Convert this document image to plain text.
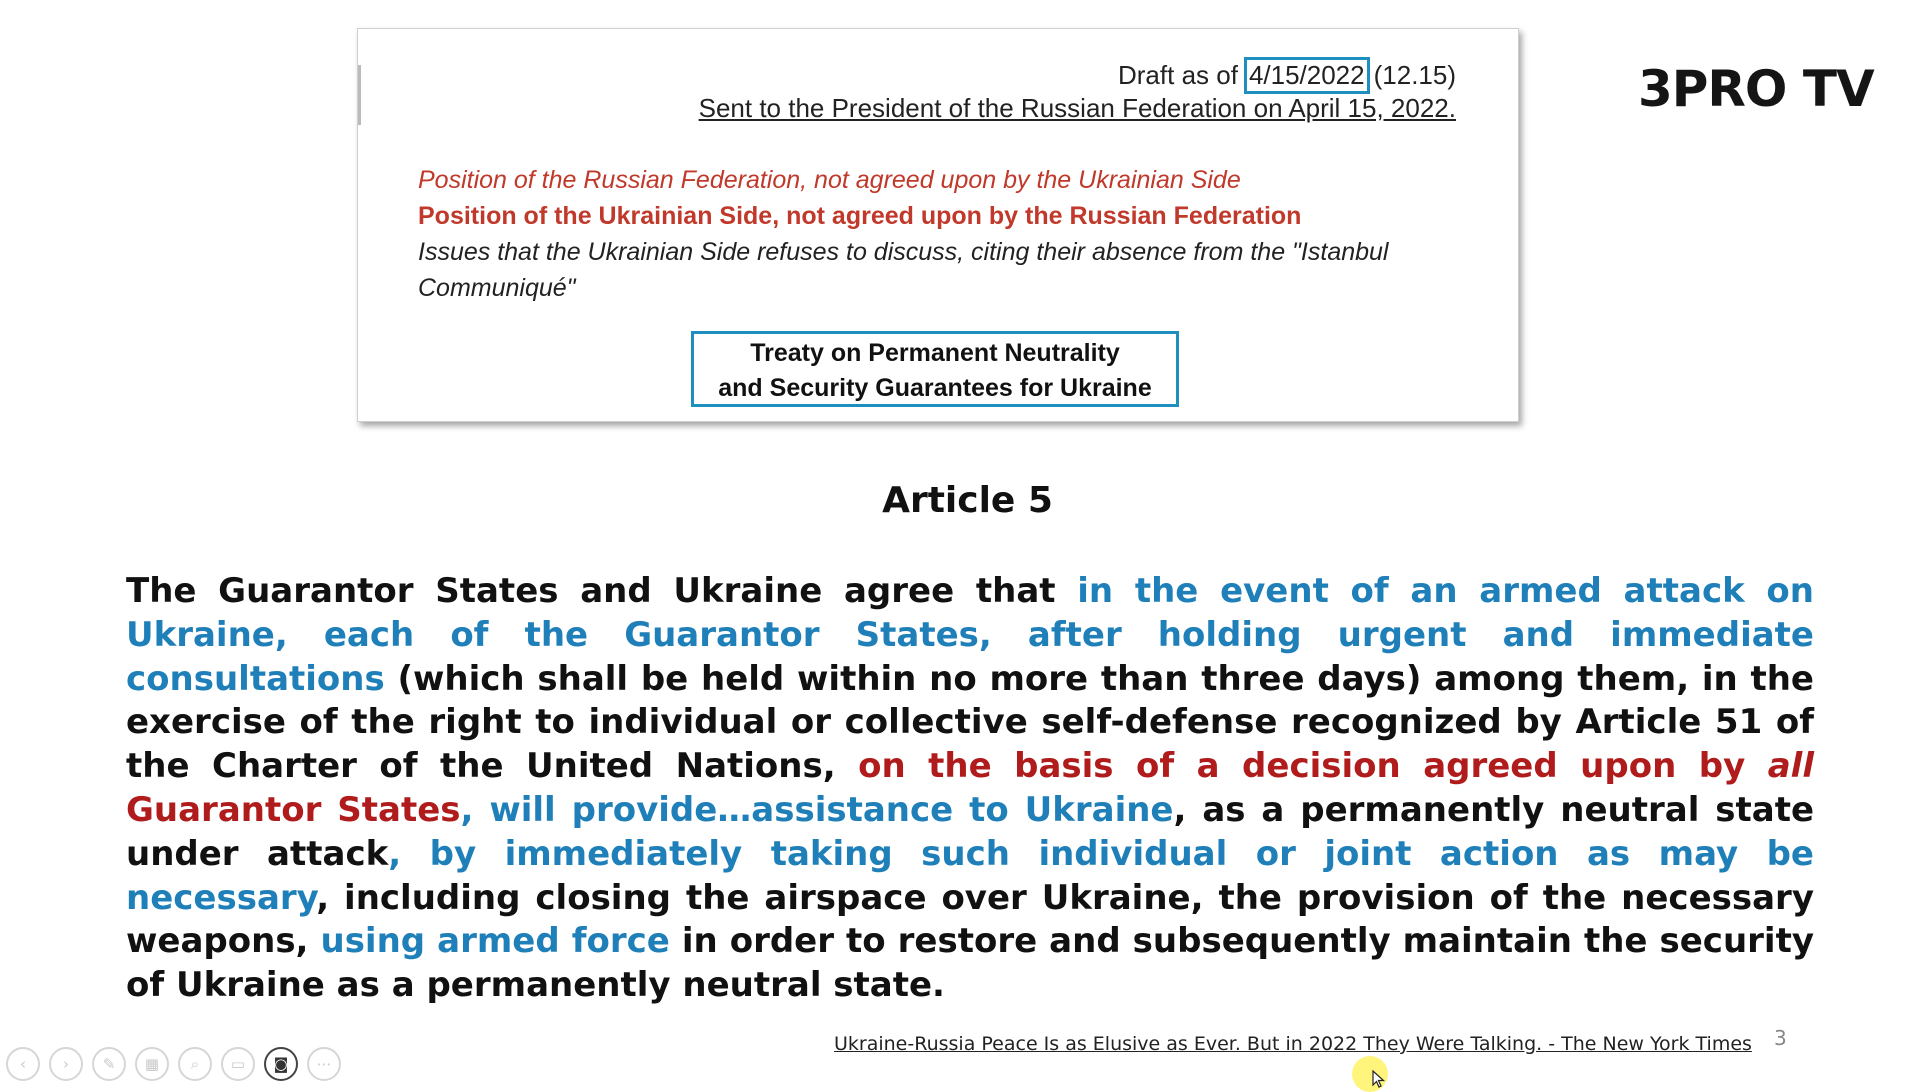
Draft as of 4/15/2022 (12.15)
Sent to the President of the Russian Federation on April 15, 2022.
Position of the Russian Federation, not agreed upon by the Ukrainian Side
Position of the Ukrainian Side, not agreed upon by the Russian Federation
Issues that the Ukrainian Side refuses to discuss, citing their absence from the "Istanbul Communiqué"
Treaty on Permanent Neutrality
and Security Guarantees for Ukraine
3PRO TV
Article 5
The Guarantor States and Ukraine agree that in the event of an armed attack on Ukraine, each of the Guarantor States, after holding urgent and immediate consultations (which shall be held within no more than three days) among them, in the exercise of the right to individual or collective self-defense recognized by Article 51 of the Charter of the United Nations, on the basis of a decision agreed upon by all Guarantor States, will provide…assistance to Ukraine, as a permanently neutral state under attack, by immediately taking such individual or joint action as may be necessary, including closing the airspace over Ukraine, the provision of the necessary weapons, using armed force in order to restore and subsequently maintain the security of Ukraine as a permanently neutral state.
Ukraine-Russia Peace Is as Elusive as Ever. But in 2022 They Were Talking. - The New York Times 3
‹ › ✎ ▦ ⌕ ▭ ◙ ⋯
